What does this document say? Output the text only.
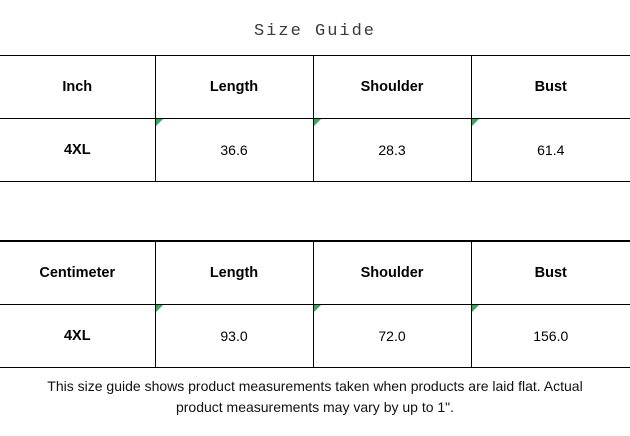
Size Guide
Inch	Length	Shoulder	Bust
4XL	36.6	28.3	61.4
Centimeter	Length	Shoulder	Bust
4XL	93.0	72.0	156.0
This size guide shows product measurements taken when products are laid flat. Actual product measurements may vary by up to 1".
